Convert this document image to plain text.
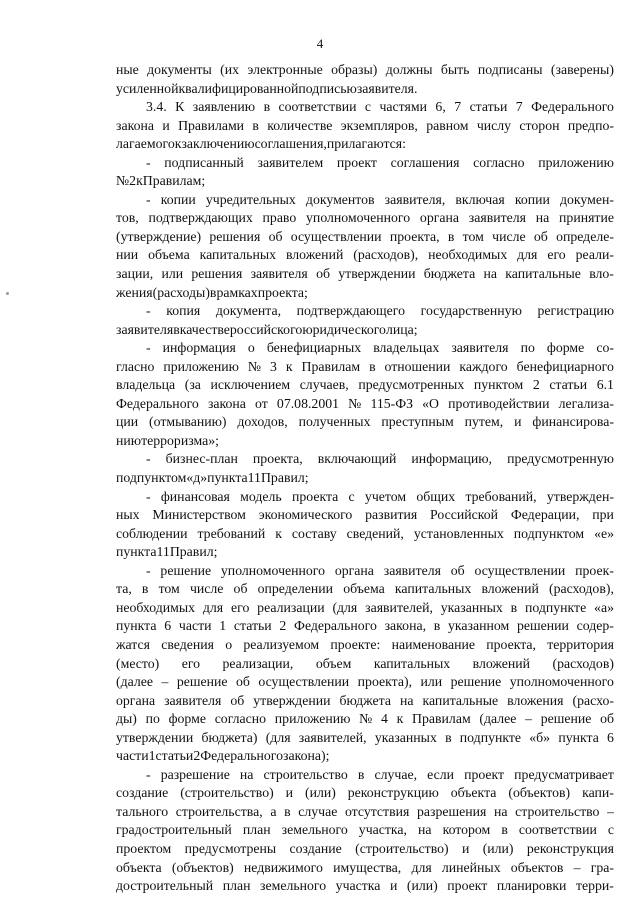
4
ные документы (их электронные образы) должны быть подписаны (заверены)
усиленной квалифицированной подписью заявителя.
3.4. К заявлению в соответствии с частями 6, 7 статьи 7 Федерального
закона и Правилами в количестве экземпляров, равном числу сторон предпо-
лагаемого к заключению соглашения, прилагаются:
- подписанный заявителем проект соглашения согласно приложению
№ 2 к Правилам;
- копии учредительных документов заявителя, включая копии докумен-
тов, подтверждающих право уполномоченного органа заявителя на принятие
(утверждение) решения об осуществлении проекта, в том числе об определе-
нии объема капитальных вложений (расходов), необходимых для его реали-
зации, или решения заявителя об утверждении бюджета на капитальные вло-
жения (расходы) в рамках проекта;
- копия документа, подтверждающего государственную регистрацию
заявителя в качестве российского юридического лица;
- информация о бенефициарных владельцах заявителя по форме со-
гласно приложению № 3 к Правилам в отношении каждого бенефициарного
владельца (за исключением случаев, предусмотренных пунктом 2 статьи 6.1
Федерального закона от 07.08.2001 № 115-ФЗ «О противодействии легализа-
ции (отмыванию) доходов, полученных преступным путем, и финансирова-
нию терроризма»;
- бизнес-план проекта, включающий информацию, предусмотренную
подпунктом «д» пункта 11 Правил;
- финансовая модель проекта с учетом общих требований, утвержден-
ных Министерством экономического развития Российской Федерации, при
соблюдении требований к составу сведений, установленных подпунктом «е»
пункта 11 Правил;
- решение уполномоченного органа заявителя об осуществлении проек-
та, в том числе об определении объема капитальных вложений (расходов),
необходимых для его реализации (для заявителей, указанных в подпункте «а»
пункта 6 части 1 статьи 2 Федерального закона, в указанном решении содер-
жатся сведения о реализуемом проекте: наименование проекта, территория
(место) его реализации, объем капитальных вложений (расходов)
(далее – решение об осуществлении проекта), или решение уполномоченного
органа заявителя об утверждении бюджета на капитальные вложения (расхо-
ды) по форме согласно приложению № 4 к Правилам (далее – решение об
утверждении бюджета) (для заявителей, указанных в подпункте «б» пункта 6
части 1 статьи 2 Федерального закона);
- разрешение на строительство в случае, если проект предусматривает
создание (строительство) и (или) реконструкцию объекта (объектов) капи-
тального строительства, а в случае отсутствия разрешения на строительство –
градостроительный план земельного участка, на котором в соответствии с
проектом предусмотрены создание (строительство) и (или) реконструкция
объекта (объектов) недвижимого имущества, для линейных объектов – гра-
достроительный план земельного участка и (или) проект планировки терри-
